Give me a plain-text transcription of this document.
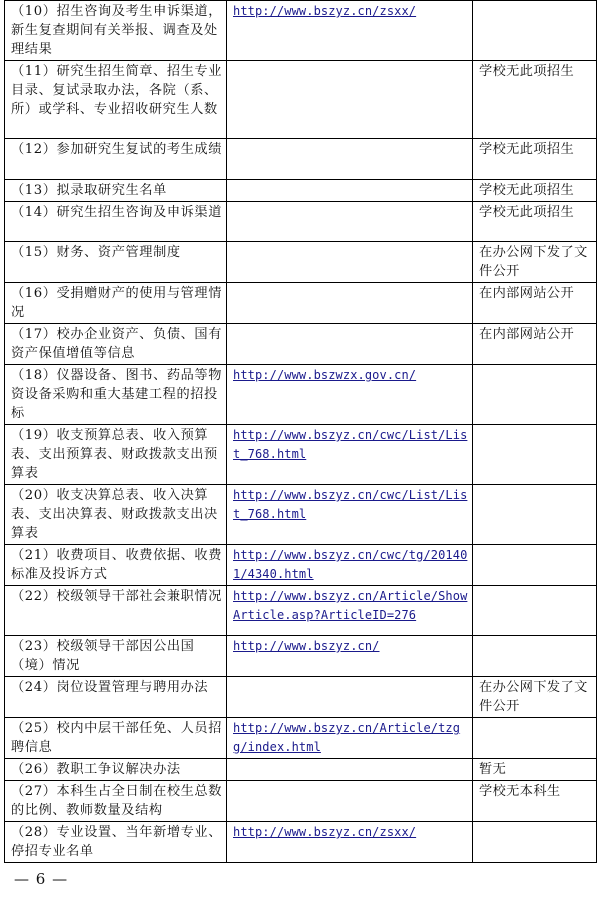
（10）招生咨询及考生申诉渠道，新生复查期间有关举报、调查及处理结果	http://www.bszyz.cn/zsxx/	
（11）研究生招生简章、招生专业目录、复试录取办法，各院（系、所）或学科、专业招收研究生人数		学校无此项招生
（12）参加研究生复试的考生成绩		学校无此项招生
（13）拟录取研究生名单		学校无此项招生
（14）研究生招生咨询及申诉渠道		学校无此项招生
（15）财务、资产管理制度		在办公网下发了文件公开
（16）受捐赠财产的使用与管理情况		在内部网站公开
（17）校办企业资产、负债、国有资产保值增值等信息		在内部网站公开
（18）仪器设备、图书、药品等物资设备采购和重大基建工程的招投标	http://www.bszwzx.gov.cn/	
（19）收支预算总表、收入预算表、支出预算表、财政拨款支出预算表	http://www.bszyz.cn/cwc/List/List_768.html	
（20）收支决算总表、收入决算表、支出决算表、财政拨款支出决算表	http://www.bszyz.cn/cwc/List/List_768.html	
（21）收费项目、收费依据、收费标准及投诉方式	http://www.bszyz.cn/cwc/tg/201401/4340.html	
（22）校级领导干部社会兼职情况	http://www.bszyz.cn/Article/ShowArticle.asp?ArticleID=276	
（23）校级领导干部因公出国（境）情况	http://www.bszyz.cn/	
（24）岗位设置管理与聘用办法		在办公网下发了文件公开
（25）校内中层干部任免、人员招聘信息	http://www.bszyz.cn/Article/tzgg/index.html	
（26）教职工争议解决办法		暂无
（27）本科生占全日制在校生总数的比例、教师数量及结构		学校无本科生
（28）专业设置、当年新增专业、停招专业名单	http://www.bszyz.cn/zsxx/	
— 6 —
